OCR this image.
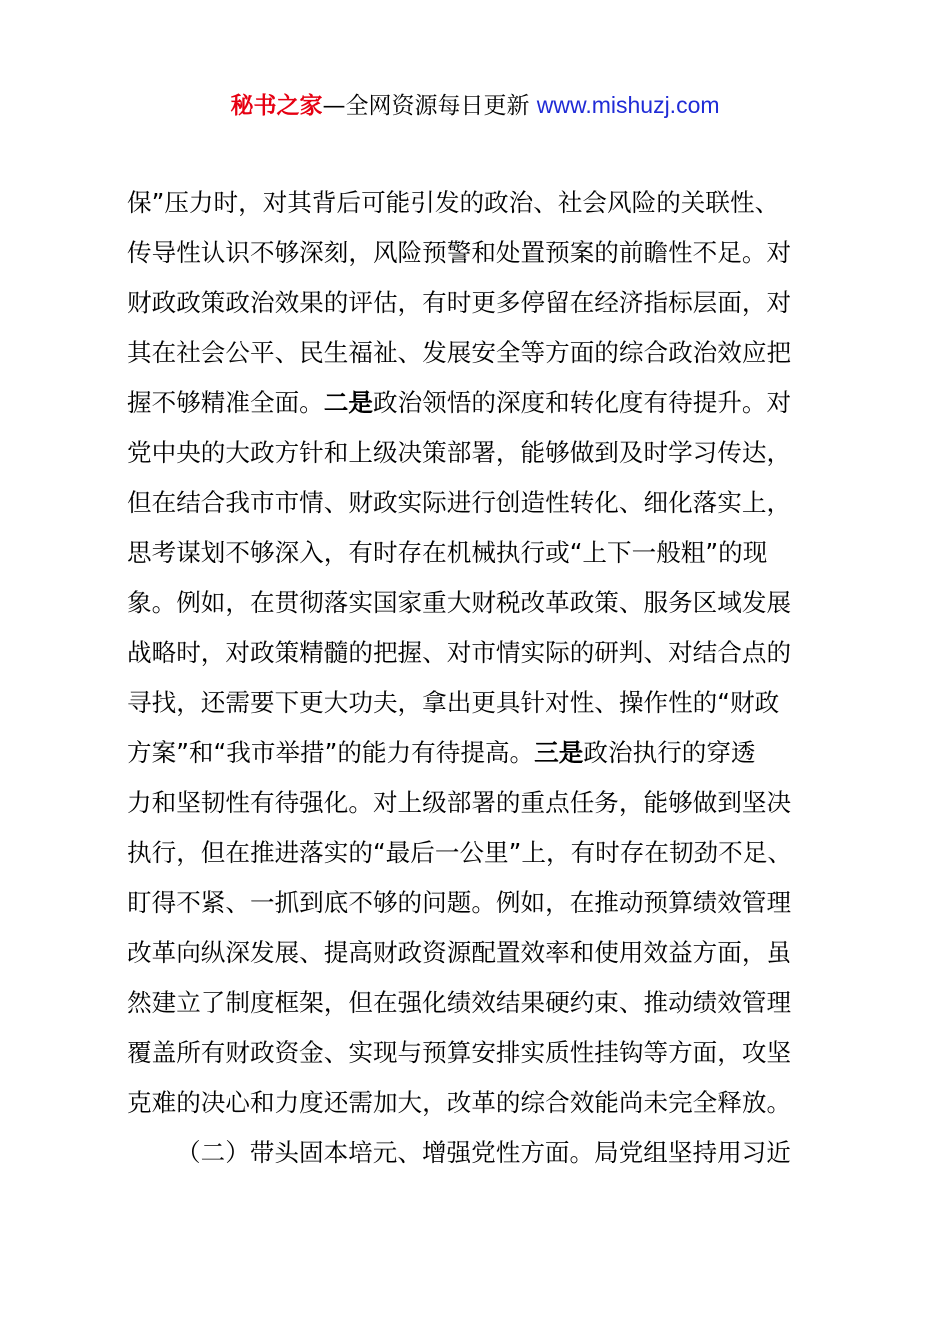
秘书之家—全网资源每日更新 www.mishuzj.com
保”压力时，对其背后可能引发的政治、社会风险的关联性、
传导性认识不够深刻，风险预警和处置预案的前瞻性不足。对
财政政策政治效果的评估，有时更多停留在经济指标层面，对
其在社会公平、民生福祉、发展安全等方面的综合政治效应把
握不够精准全面。二是政治领悟的深度和转化度有待提升。对
党中央的大政方针和上级决策部署，能够做到及时学习传达，
但在结合我市市情、财政实际进行创造性转化、细化落实上，
思考谋划不够深入，有时存在机械执行或“上下一般粗”的现
象。例如，在贯彻落实国家重大财税改革政策、服务区域发展
战略时，对政策精髓的把握、对市情实际的研判、对结合点的
寻找，还需要下更大功夫，拿出更具针对性、操作性的“财政
方案”和“我市举措”的能力有待提高。三是政治执行的穿透
力和坚韧性有待强化。对上级部署的重点任务，能够做到坚决
执行，但在推进落实的“最后一公里”上，有时存在韧劲不足、
盯得不紧、一抓到底不够的问题。例如，在推动预算绩效管理
改革向纵深发展、提高财政资源配置效率和使用效益方面，虽
然建立了制度框架，但在强化绩效结果硬约束、推动绩效管理
覆盖所有财政资金、实现与预算安排实质性挂钩等方面，攻坚
克难的决心和力度还需加大，改革的综合效能尚未完全释放。
（二）带头固本培元、增强党性方面。局党组坚持用习近
